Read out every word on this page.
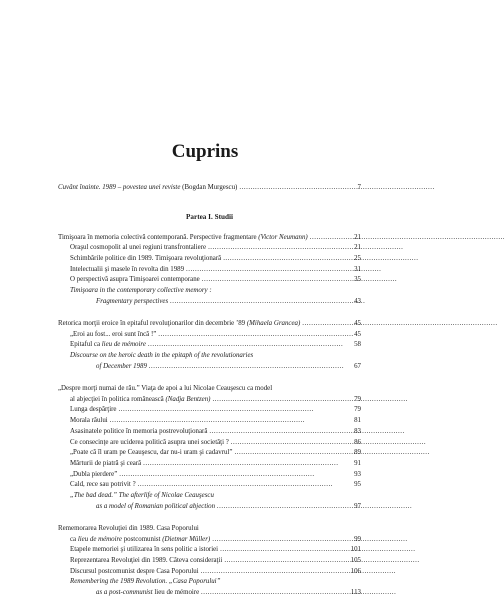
Cuprins
Cuvânt înainte. 1989 – povestea unei reviste (Bogdan Murgescu) . . .	7
Partea I. Studii
Timişoara în memoria colectivă contemporană. Perspective fragmentare (Victor Neumann) . . .	21
Oraşul cosmopolit al unei regiuni transfrontaliere . . .	21
Schimbările politice din 1989. Timişoara revoluţionară . . .	25
Intelectualii şi masele în revolta din 1989 . . .	31
O perspectivă asupra Timişoarei contemporane . . .	35
Timişoara in the contemporary collective memory :
Fragmentary perspectives . . .	43
Retorica morţii eroice în epitaful revoluţionarilor din decembrie ’89 (Mihaela Grancea) . . .	45
„Eroi au fost... eroi sunt încă !” . . .	45
Epitaful ca lieu de mémoire . . .	58
Discourse on the heroic death in the epitaph of the revolutionaries
of December 1989 . . .	67
„Despre morţi numai de rău.” Viaţa de apoi a lui Nicolae Ceauşescu ca model
al abjecţiei în politica românească (Nadja Bentzen) . . .	79
Lunga despărţire . . .	79
Morala răului . . .	81
Asasinatele politice în memoria postrevoluţionară . . .	83
Ce consecinţe are uciderea politică asupra unei societăţi ? . . .	86
„Poate că îl uram pe Ceauşescu, dar nu-i uram şi cadavrul” . . .	89
Mărturii de piatră şi ceară . . .	91
„Dubla pierdere” . . .	93
Cald, rece sau potrivit ? . . .	95
„The bad dead.” The afterlife of Nicolae Ceauşescu
as a model of Romanian political abjection . . .	97
Rememorarea Revoluţiei din 1989. Casa Poporului
ca lieu de mémoire postcomunist (Dietmar Müller) . . .	99
Etapele memoriei şi utilizarea în sens politic a istoriei . . .	101
Reprezentarea Revoluţiei din 1989. Câteva consideraţii . . .	105
Discursul postcomunist despre Casa Poporului . . .	106
Remembering the 1989 Revolution. „Casa Poporului”
as a post-communist lieu de mémoire . . .	113
